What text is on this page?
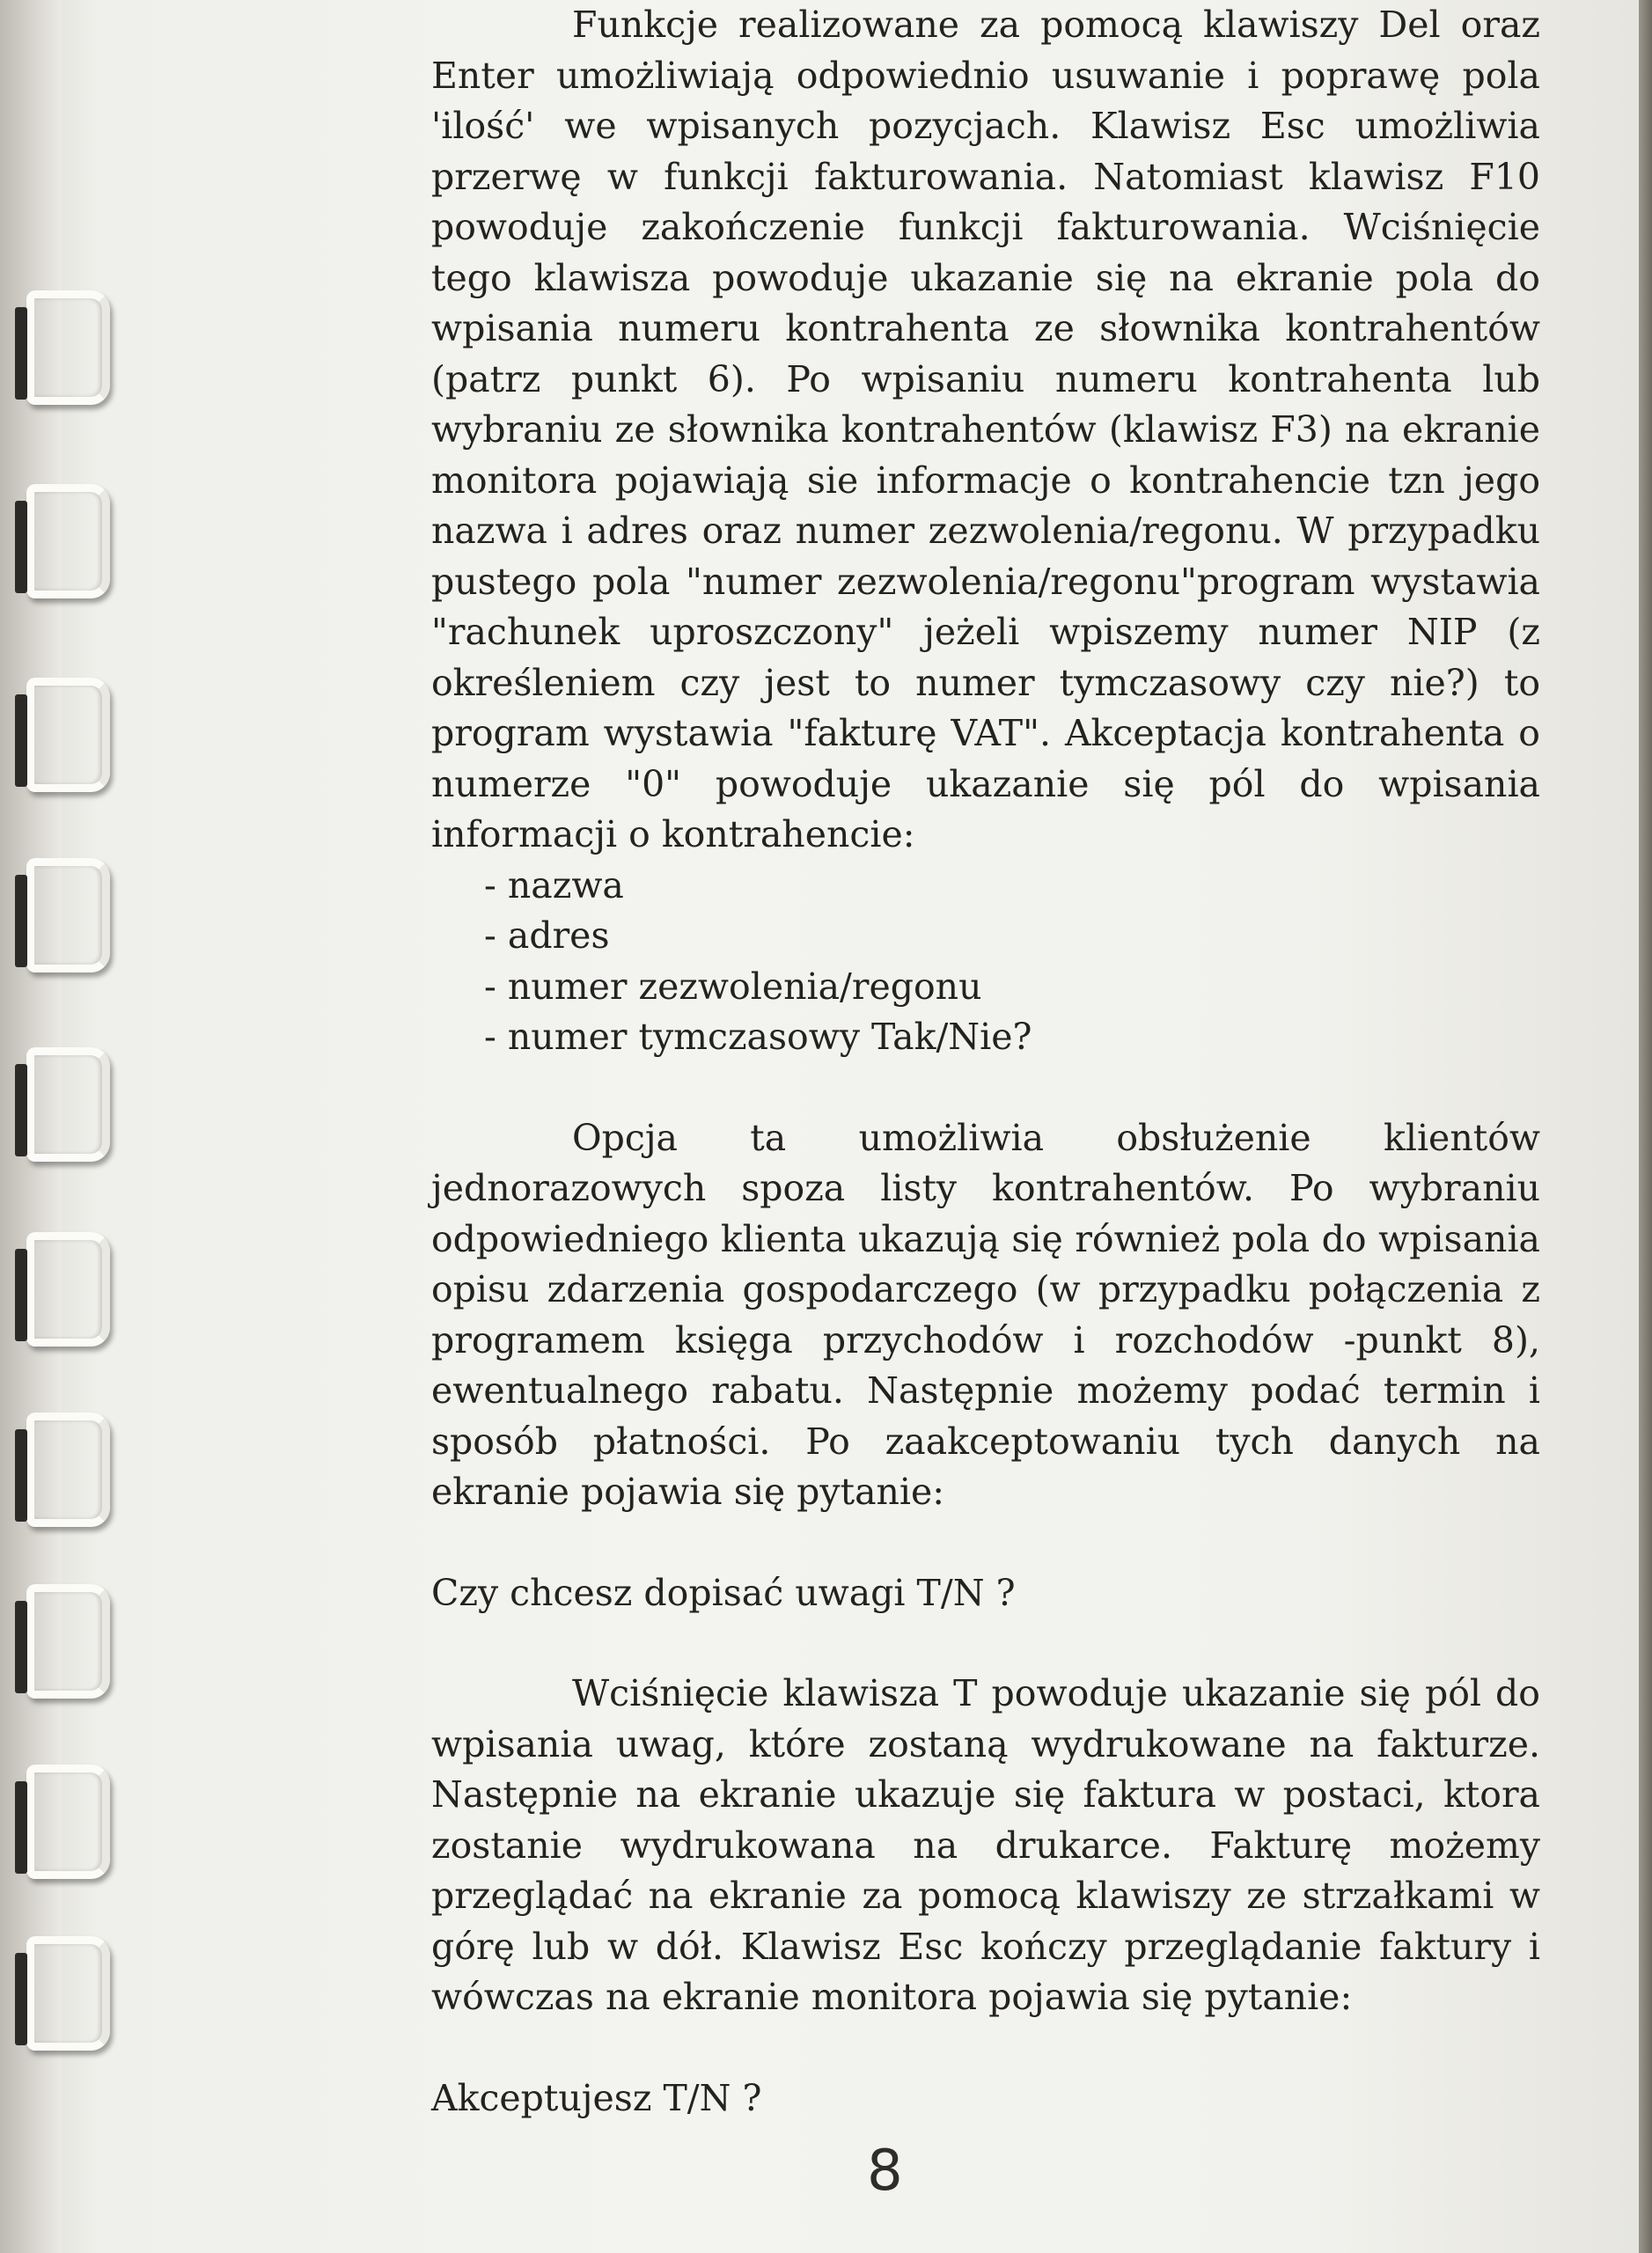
Funkcje realizowane za pomocą klawiszy Del oraz Enter umożliwiają odpowiednio usuwanie i poprawę pola 'ilość' we wpisanych pozycjach. Klawisz Esc umożliwia przerwę w funkcji fakturowania. Natomiast klawisz F10 powoduje zakończenie funkcji fakturowania. Wciśnięcie tego klawisza powoduje ukazanie się na ekranie pola do wpisania numeru kontrahenta ze słownika kontrahentów (patrz punkt 6). Po wpisaniu numeru kontrahenta lub wybraniu ze słownika kontrahentów (klawisz F3) na ekranie monitora pojawiają sie informacje o kontrahencie tzn jego nazwa i adres oraz numer zezwolenia/regonu. W przypadku pustego pola "numer zezwolenia/regonu"program wystawia "rachunek uproszczony" jeżeli wpiszemy numer NIP (z określeniem czy jest to numer tymczasowy czy nie?) to program wystawia "fakturę VAT". Akceptacja kontrahenta o numerze "0" powoduje ukazanie się pól do wpisania informacji o kontrahencie:

- nazwa
- adres
- numer zezwolenia/regonu
- numer tymczasowy Tak/Nie?

Opcja ta umożliwia obsłużenie klientów jednorazowych spoza listy kontrahentów. Po wybraniu odpowiedniego klienta ukazują się również pola do wpisania opisu zdarzenia gospodarczego (w przypadku połączenia z programem księga przychodów i rozchodów -punkt 8), ewentualnego rabatu. Następnie możemy podać termin i sposób płatności. Po zaakceptowaniu tych danych na ekranie pojawia się pytanie:

Czy chcesz dopisać uwagi T/N ?

Wciśnięcie klawisza T powoduje ukazanie się pól do wpisania uwag, które zostaną wydrukowane na fakturze. Następnie na ekranie ukazuje się faktura w postaci, ktora zostanie wydrukowana na drukarce. Fakturę możemy przeglądać na ekranie za pomocą klawiszy ze strzałkami w górę lub w dół. Klawisz Esc kończy przeglądanie faktury i wówczas na ekranie monitora pojawia się pytanie:

Akceptujesz T/N ?

8
